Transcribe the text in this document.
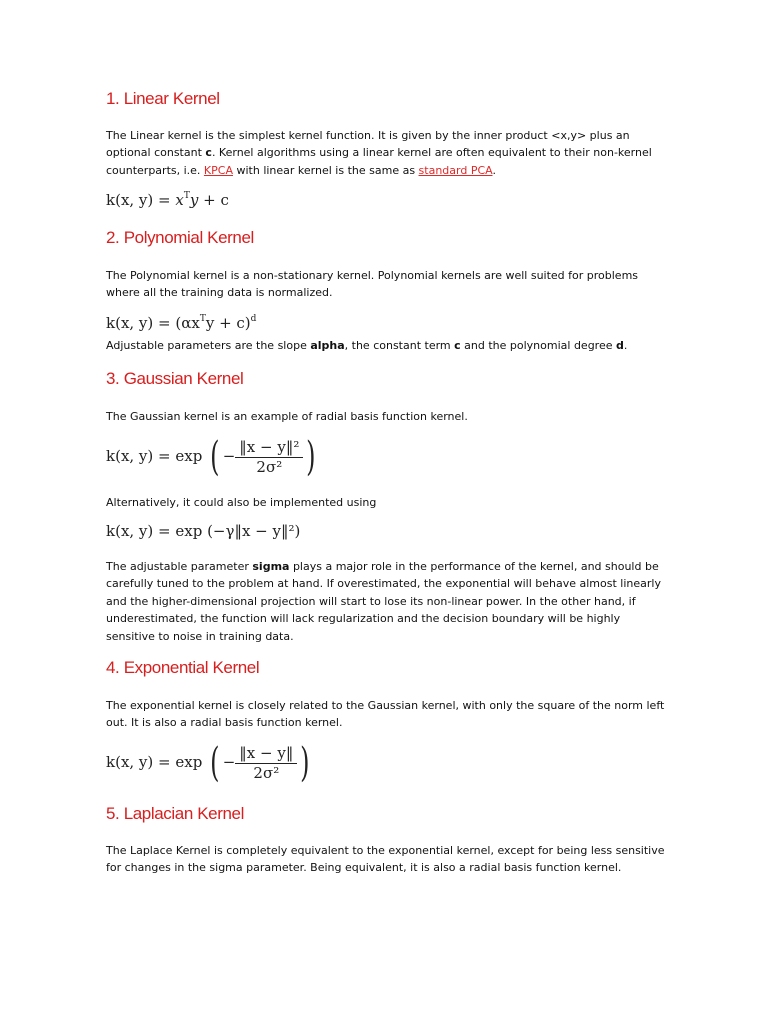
1. Linear Kernel

The Linear kernel is the simplest kernel function. It is given by the inner product <x,y> plus an optional constant c. Kernel algorithms using a linear kernel are often equivalent to their non-kernel counterparts, i.e. KPCA with linear kernel is the same as standard PCA.

k(x, $y) = x^Ty + c$
2. Polynomial Kernel

The Polynomial kernel is a non-stationary kernel. Polynomial kernels are well suited for problems where all the training data is normalized.

k(x, $y) = (\alpha x^Ty + c)^d$

Adjustable parameters are the slope alpha, the constant term c and the polynomial degree d.

3. Gaussian Kernel

The Gaussian kernel is an example of radial basis function kernel.

k(x, y) = exp ( − $\frac{\text{‖x − y‖²}}{\text{2σ²}}$ )

Alternatively, it could also be implemented using

k(x, y) = exp (−γ‖x − y‖²)

The adjustable parameter sigma plays a major role in the performance of the kernel, and should be carefully tuned to the problem at hand. If overestimated, the exponential will behave almost linearly and the higher-dimensional projection will start to lose its non-linear power. In the other hand, if underestimated, the function will lack regularization and the decision boundary will be highly sensitive to noise in training data.

4. Exponential Kernel

The exponential kernel is closely related to the Gaussian kernel, with only the square of the norm left out. It is also a radial basis function kernel.

k(x, y) = exp ( − $\frac{‖x - y‖}{\text{2σ²}}$ )
5. Laplacian Kernel

The Laplace Kernel is completely equivalent to the exponential kernel, except for being less sensitive for changes in the sigma parameter. Being equivalent, it is also a radial basis function kernel.
